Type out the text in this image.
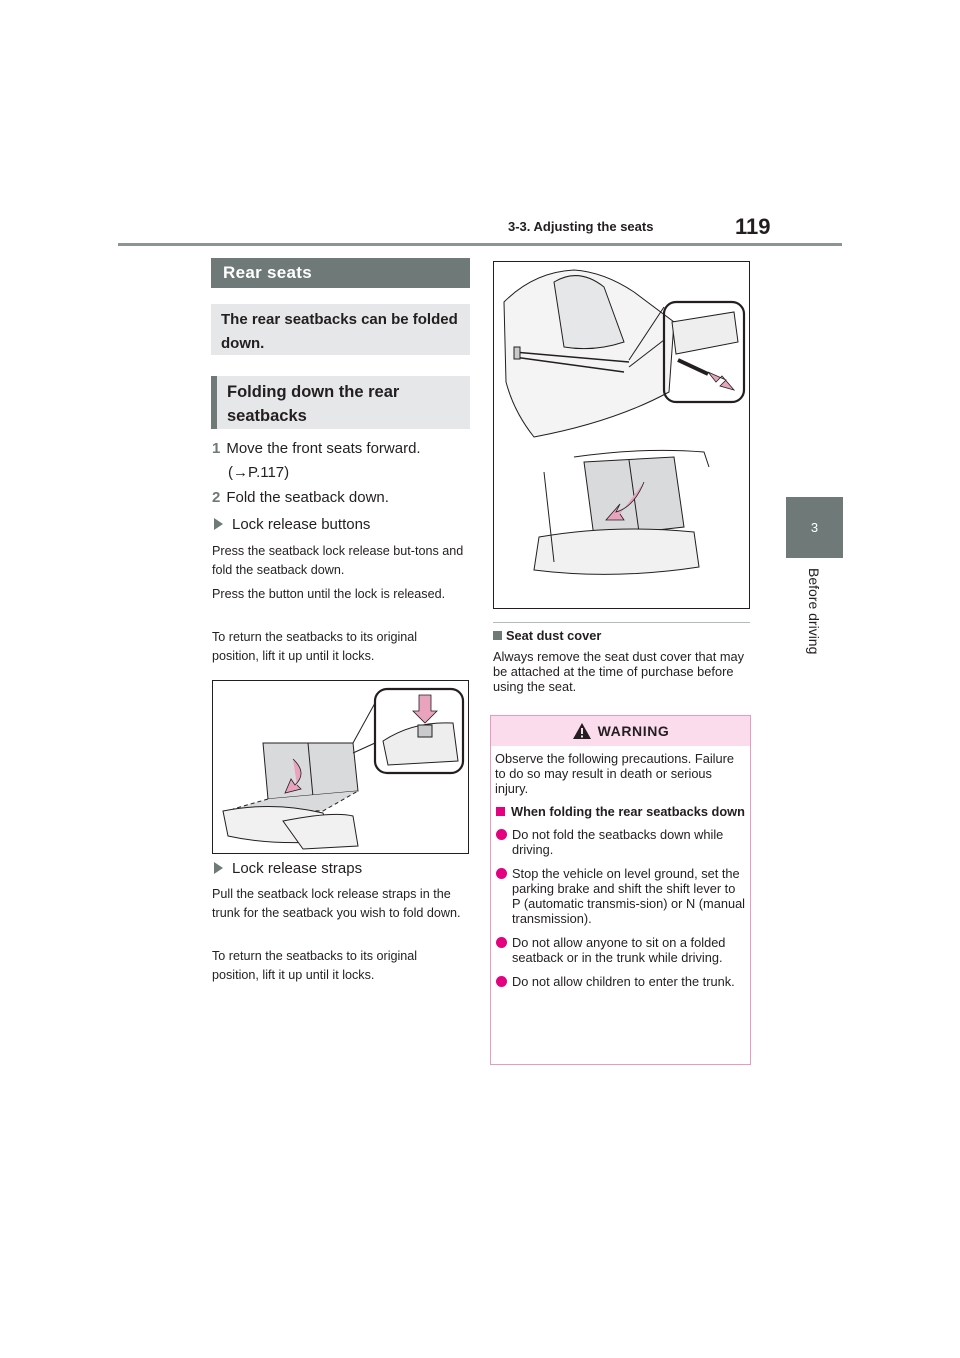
3-3. Adjusting the seats	119
3
Before driving
Rear seats
The rear seatbacks can be folded down.
Folding down the rear seatbacks
1 Move the front seats forward.
(→P.117)
2 Fold the seatback down.
Lock release buttons
Press the seatback lock release but-tons and fold the seatback down.
Press the button until the lock is released.
To return the seatbacks to its original position, lift it up until it locks.
Lock release straps
Pull the seatback lock release straps in the trunk for the seatback you wish to fold down.
To return the seatbacks to its original position, lift it up until it locks.
Seat dust cover
Always remove the seat dust cover that may be attached at the time of purchase before using the seat.
WARNING

Observe the following precautions. Failure to do so may result in death or serious injury.

When folding the rear seatbacks down
Do not fold the seatbacks down while driving.
Stop the vehicle on level ground, set the parking brake and shift the shift lever to P (automatic transmis-sion) or N (manual transmission).
Do not allow anyone to sit on a folded seatback or in the trunk while driving.
Do not allow children to enter the trunk.
